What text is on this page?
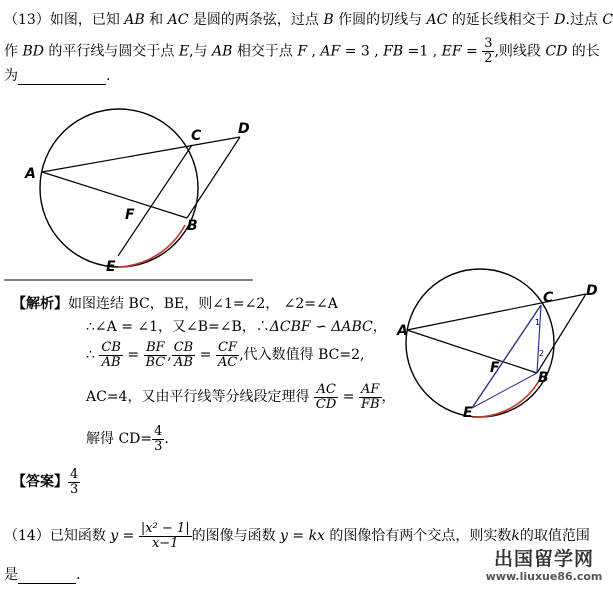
（13）如图，已知 AB 和 AC 是圆的两条弦，过点 B 作圆的切线与 AC 的延长线相交于 D.过点 C
作 BD 的平行线与圆交于点 E,与 AB 相交于点 F , AF = 3 , FB =1 , EF = $\frac{3}{2}$ ,则线段 CD 的长
为	.
A
C	D
F
B
E
A
C D
F
B
E
1
2
【解析】如图连结 BC，BE，则∠1=∠2， ∠2=∠A
∴∠A = ∠1，又∠B=∠B，∴ΔCBF ∽ ΔABC，
∴ $\frac{CB}{AB} = \frac{BF}{BC}$ , $\frac{CB}{AB} = \frac{CF}{AC}$ ,代入数值得 BC=2,
AC=4，又由平行线等分线段定理得 $\frac{AC}{CD} = \frac{AF}{FB}$ ，
解得 $CD= \frac{4}{3}$ .
【答案】 $\frac{4}{3}$
（14）已知函数 $y = \frac{\text{|x² − 1|}}{x-1}$ 的图像与函数 y = kx 的图像恰有两个交点，则实数k的取值范围
是	.
出国留学网
www.liuxue86.com
